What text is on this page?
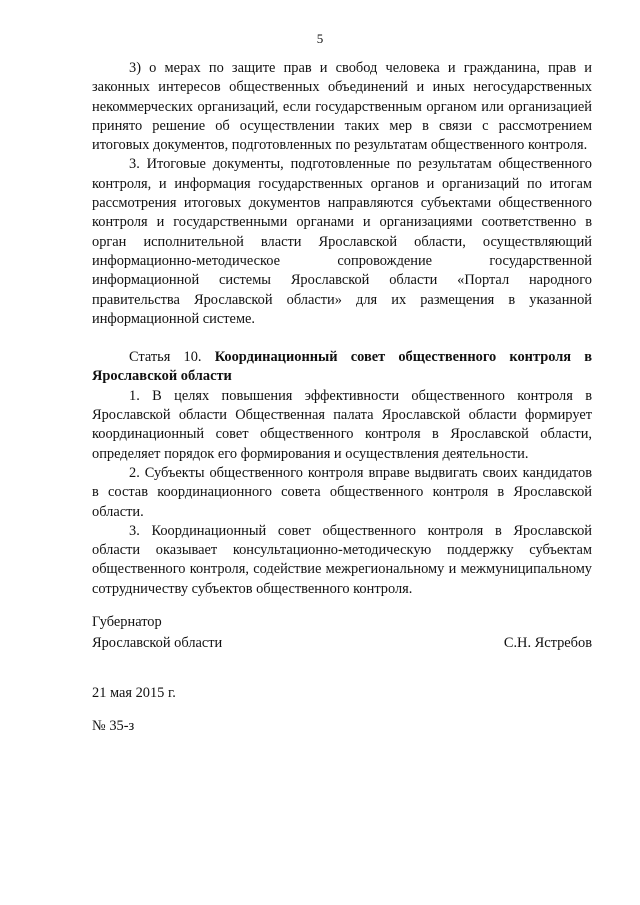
5

3) о мерах по защите прав и свобод человека и гражданина, прав и законных интересов общественных объединений и иных негосударственных некоммерческих организаций, если государственным органом или организацией принято решение об осуществлении таких мер в связи с рассмотрением итоговых документов, подготовленных по результатам общественного контроля.

3. Итоговые документы, подготовленные по результатам общественного контроля, и информация государственных органов и организаций по итогам рассмотрения итоговых документов направляются субъектами общественного контроля и государственными органами и организациями соответственно в орган исполнительной власти Ярославской области, осуществляющий информационно-методическое сопровождение государственной информационной системы Ярославской области «Портал народного правительства Ярославской области» для их размещения в указанной информационной системе.

Статья 10. Координационный совет общественного контроля в Ярославской области

1. В целях повышения эффективности общественного контроля в Ярославской области Общественная палата Ярославской области формирует координационный совет общественного контроля в Ярославской области, определяет порядок его формирования и осуществления деятельности.

2. Субъекты общественного контроля вправе выдвигать своих кандидатов в состав координационного совета общественного контроля в Ярославской области.

3. Координационный совет общественного контроля в Ярославской области оказывает консультационно-методическую поддержку субъектам общественного контроля, содействие межрегиональному и межмуниципальному сотрудничеству субъектов общественного контроля.

Губернатор
Ярославской области	С.Н. Ястребов
21 мая 2015 г.
№ 35-з
